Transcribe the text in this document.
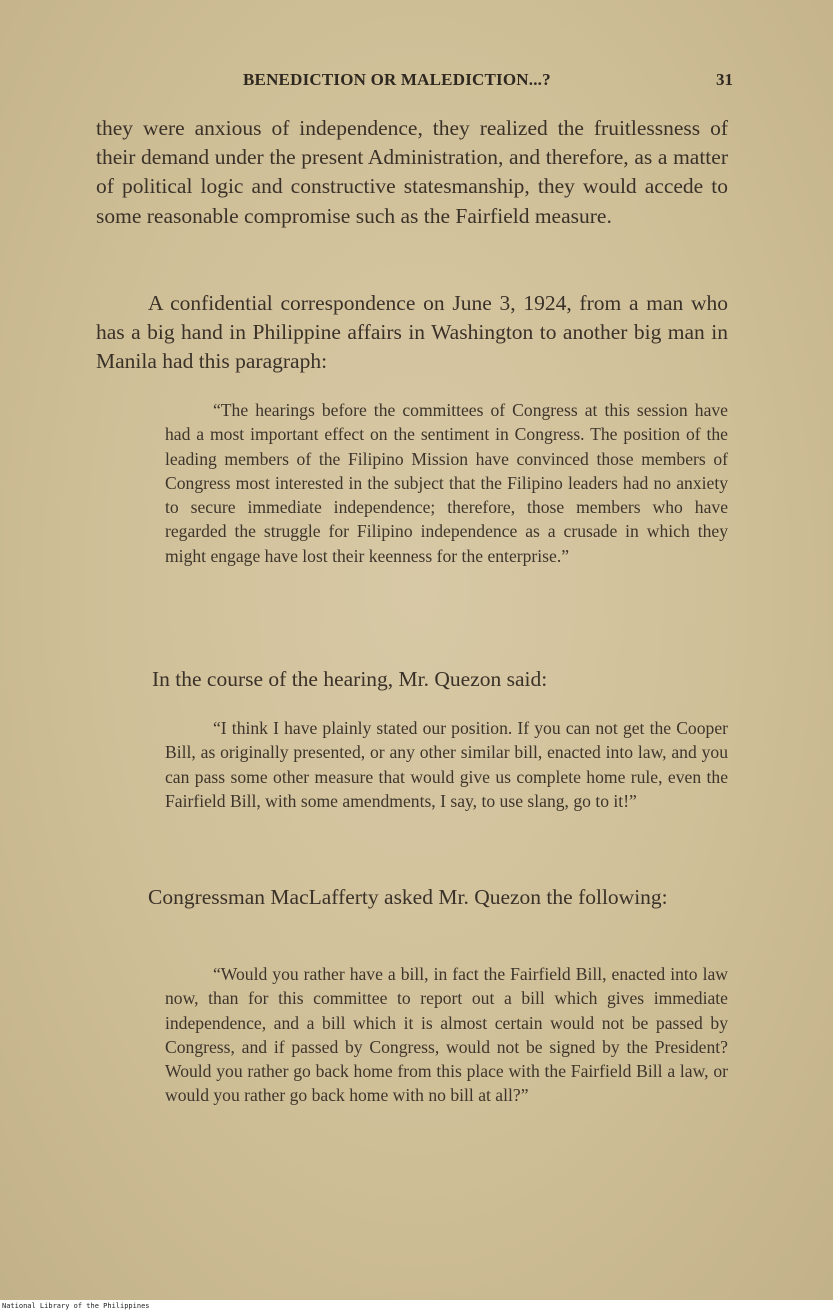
BENEDICTION OR MALEDICTION...?	31
they were anxious of independence, they realized the fruitlessness of their demand under the present Administration, and therefore, as a matter of political logic and constructive statesmanship, they would accede to some reasonable compromise such as the Fairfield measure.
A confidential correspondence on June 3, 1924, from a man who has a big hand in Philippine affairs in Washington to another big man in Manila had this paragraph:
“The hearings before the committees of Congress at this session have had a most important effect on the sentiment in Congress. The position of the leading members of the Filipino Mission have convinced those members of Congress most interested in the subject that the Filipino leaders had no anxiety to secure immediate independence; therefore, those members who have regarded the struggle for Filipino independence as a crusade in which they might engage have lost their keenness for the enterprise.”
In the course of the hearing, Mr. Quezon said:
“I think I have plainly stated our position. If you can not get the Cooper Bill, as originally presented, or any other similar bill, enacted into law, and you can pass some other measure that would give us complete home rule, even the Fairfield Bill, with some amendments, I say, to use slang, go to it!”
Congressman MacLafferty asked Mr. Quezon the following:
“Would you rather have a bill, in fact the Fairfield Bill, enacted into law now, than for this committee to report out a bill which gives immediate independence, and a bill which it is almost certain would not be passed by Congress, and if passed by Congress, would not be signed by the President? Would you rather go back home from this place with the Fairfield Bill a law, or would you rather go back home with no bill at all?”
National Library of the Philippines
